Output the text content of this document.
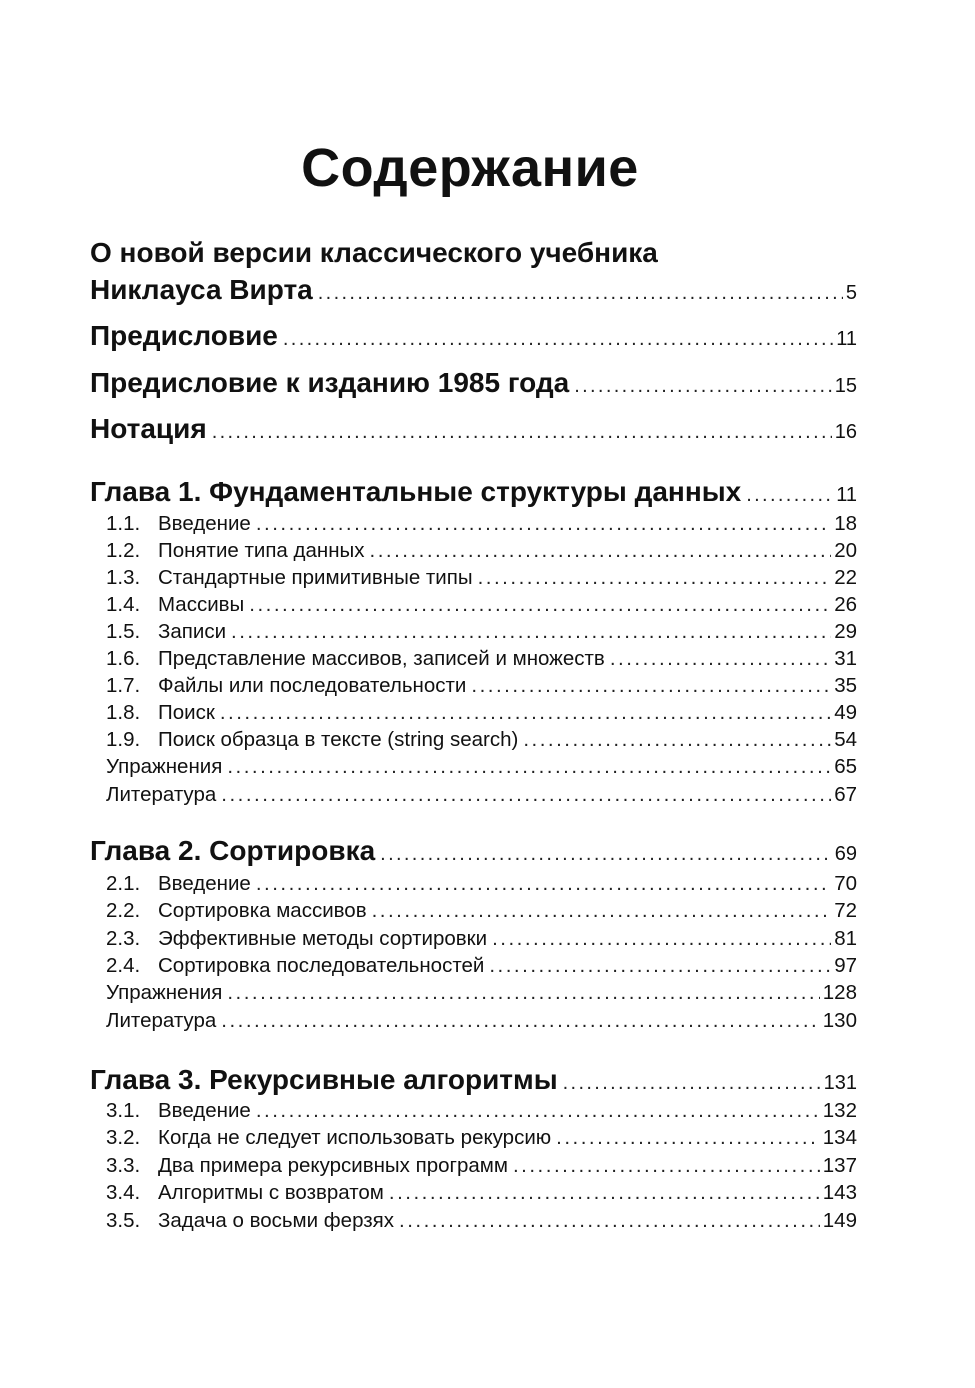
Содержание
О новой версии классического учебника
Никлауса Вирта . . .	5
Предисловие . . .	11
Предисловие к изданию 1985 года . . .	15
Нотация . . .	16
Глава 1. Фундаментальные структуры данных . . .	11
1.1. Введение . . .	18
1.2. Понятие типа данных . . .	20
1.3. Стандартные примитивные типы . . .	22
1.4. Массивы . . .	26
1.5. Записи . . .	29
1.6. Представление массивов, записей и множеств . . .	31
1.7. Файлы или последовательности . . .	35
1.8. Поиск . . .	49
1.9. Поиск образца в тексте (string search) . . .	54
Упражнения . . .	65
Литература . . .	67
Глава 2. Сортировка . . .	69
2.1. Введение . . .	70
2.2. Сортировка массивов . . .	72
2.3. Эффективные методы сортировки . . .	81
2.4. Сортировка последовательностей . . .	97
Упражнения . . .	128
Литература . . .	130
Глава 3. Рекурсивные алгоритмы . . .	131
3.1. Введение . . .	132
3.2. Когда не следует использовать рекурсию . . .	134
3.3. Два примера рекурсивных программ . . .	137
3.4. Алгоритмы с возвратом . . .	143
3.5. Задача о восьми ферзях . . .	149
